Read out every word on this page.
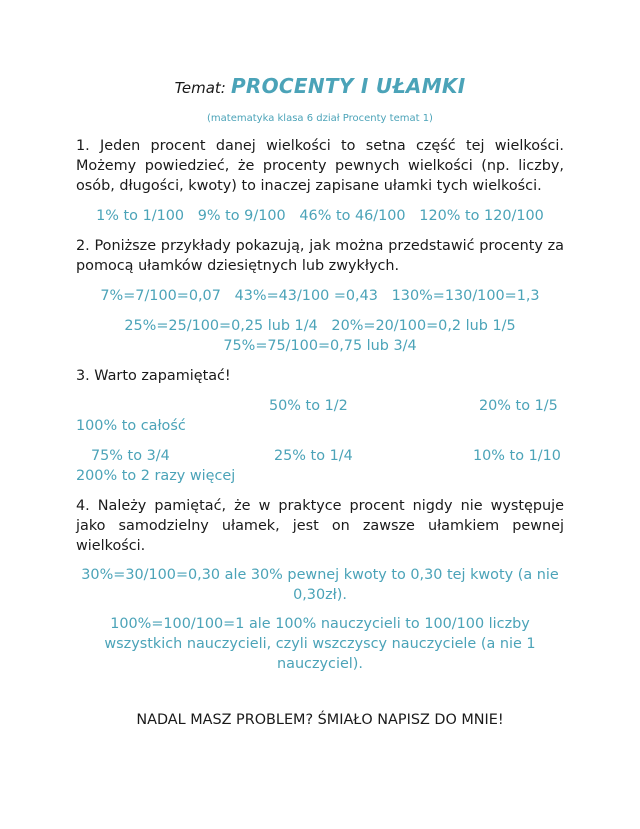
Temat: PROCENTY I UŁAMKI
(matematyka klasa 6 dział Procenty temat 1)
1. Jeden procent danej wielkości to setna część tej wielkości. Możemy powiedzieć, że procenty pewnych wielkości (np. liczby, osób, długości, kwoty) to inaczej zapisane ułamki tych wielkości.
1% to 1/100   9% to 9/100   46% to 46/100   120% to 120/100
2. Poniższe przykłady pokazują, jak można przedstawić procenty za pomocą ułamków dziesiętnych lub zwykłych.
7%=7/100=0,07   43%=43/100 =0,43   130%=130/100=1,3
25%=25/100=0,25 lub 1/4   20%=20/100=0,2 lub 1/5
75%=75/100=0,75 lub 3/4
3. Warto zapamiętać!
50% to 1/2	20% to 1/5
100% to całość
75% to 3/4	25% to 1/4	10% to 1/10
200% to 2 razy więcej
4. Należy pamiętać, że w praktyce procent nigdy nie występuje jako samodzielny ułamek, jest on zawsze ułamkiem pewnej wielkości.
30%=30/100=0,30 ale 30% pewnej kwoty to 0,30 tej kwoty (a nie 0,30zł).
100%=100/100=1 ale 100% nauczycieli to 100/100 liczby wszystkich nauczycieli, czyli wszczyscy nauczyciele (a nie 1 nauczyciel).
NADAL MASZ PROBLEM? ŚMIAŁO NAPISZ DO MNIE!
